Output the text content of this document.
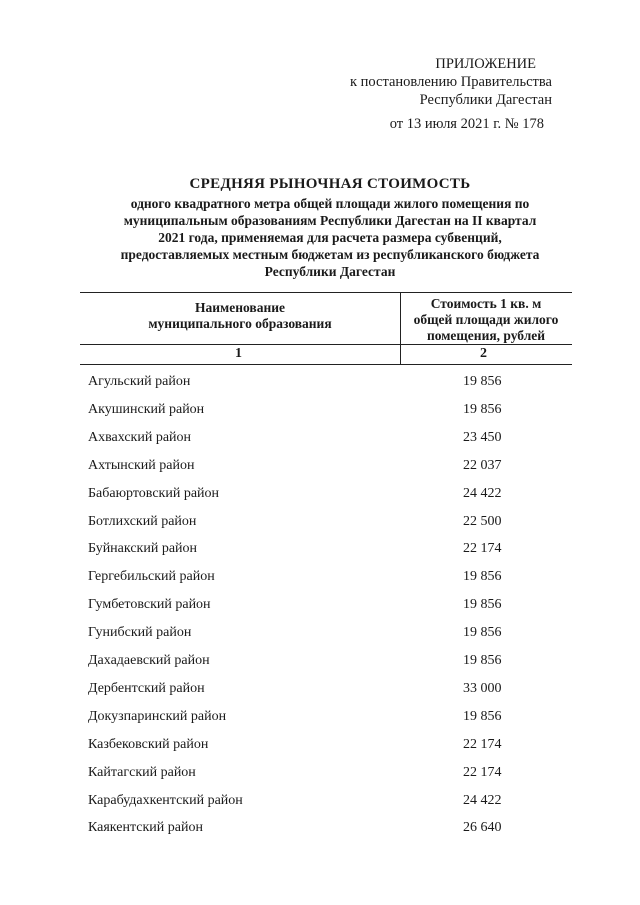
ПРИЛОЖЕНИЕ
к постановлению Правительства
Республики Дагестан
от 13 июля 2021 г. № 178
СРЕДНЯЯ РЫНОЧНАЯ СТОИМОСТЬ
одного квадратного метра общей площади жилого помещения по
муниципальным образованиям Республики Дагестан на II квартал
2021 года, применяемая для расчета размера субвенций,
предоставляемых местным бюджетам из республиканского бюджета
Республики Дагестан
Наименование
муниципального образования
Стоимость 1 кв. м
общей площади жилого
помещения, рублей
1	2
Агульский район	19 856
Акушинский район	19 856
Ахвахский район	23 450
Ахтынский район	22 037
Бабаюртовский район	24 422
Ботлихский район	22 500
Буйнакский район	22 174
Гергебильский район	19 856
Гумбетовский район	19 856
Гунибский район	19 856
Дахадаевский район	19 856
Дербентский район	33 000
Докузпаринский район	19 856
Казбековский район	22 174
Кайтагский район	22 174
Карабудахкентский район	24 422
Каякентский район	26 640
